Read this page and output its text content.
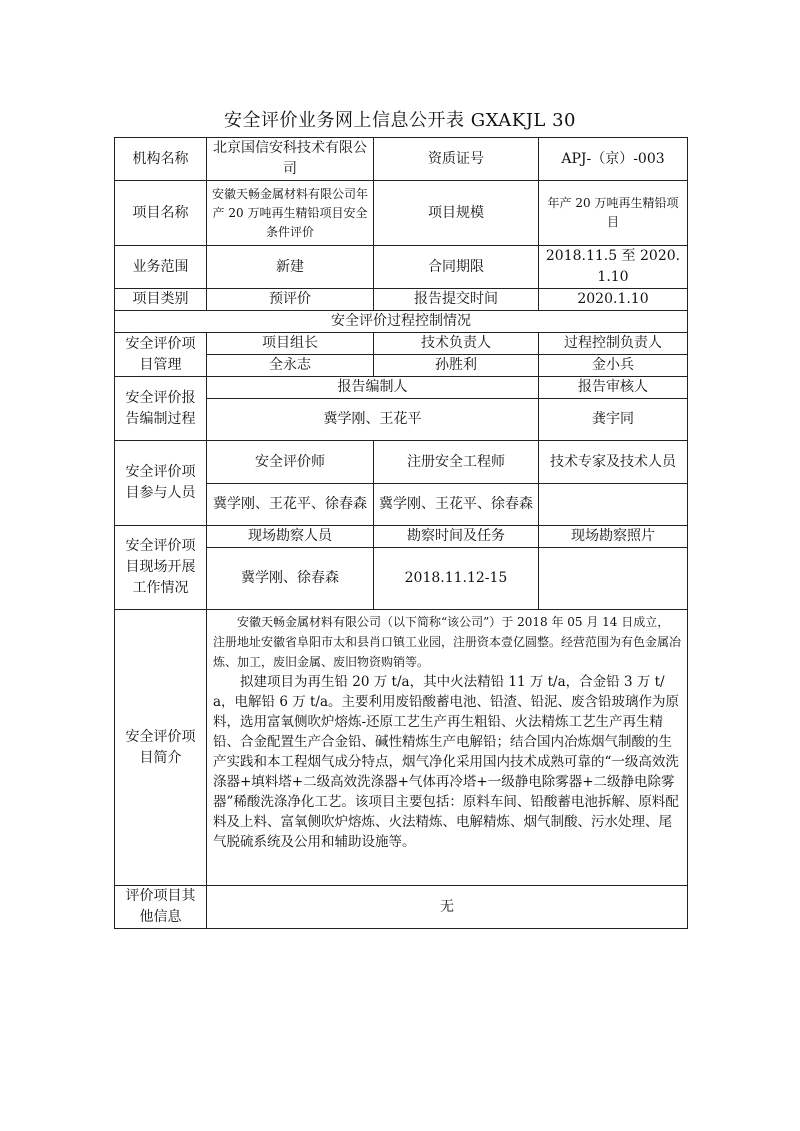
安全评价业务网上信息公开表 GXAKJL 30
机构名称	北京国信安科技术有限公司	资质证号	APJ-（京）-003
项目名称	安徽天畅金属材料有限公司年产 20 万吨再生精铅项目安全条件评价	项目规模	年产 20 万吨再生精铅项目
业务范围	新建	合同期限	2018.11.5 至 2020.1.10
项目类别	预评价	报告提交时间	2020.1.10
安全评价过程控制情况			
安全评价项目管理	项目组长	技术负责人	过程控制负责人
	全永志	孙胜利	金小兵
安全评价报告编制过程	报告编制人		报告审核人
	冀学刚、王花平		龚宇同
安全评价项目参与人员	安全评价师	注册安全工程师	技术专家及技术人员
	冀学刚、王花平、徐春森	冀学刚、王花平、徐春森	
安全评价项目现场开展工作情况	现场勘察人员	勘察时间及任务	现场勘察照片
	冀学刚、徐春森	2018.11.12-15	
安全评价项目简介	安徽天畅金属材料有限公司（以下简称“该公司”）于 2018 年 05 月 14 日成立，注册地址安徽省阜阳市太和县肖口镇工业园，注册资本壹亿圆整。经营范围为有色金属冶炼、加工，废旧金属、废旧物资购销等。

拟建项目为再生铅 20 万 t/a，其中火法精铅 11 万 t/a，合金铅 3 万 t/a，电解铅 6 万 t/a。主要利用废铅酸蓄电池、铅渣、铅泥、废含铅玻璃作为原料，选用富氧侧吹炉熔炼-还原工艺生产再生粗铅、火法精炼工艺生产再生精铅、合金配置生产合金铅、碱性精炼生产电解铅；结合国内冶炼烟气制酸的生产实践和本工程烟气成分特点，烟气净化采用国内技术成熟可靠的“一级高效洗涤器+填料塔+二级高效洗涤器+气体再冷塔+一级静电除雾器+二级静电除雾器”稀酸洗涤净化工艺。该项目主要包括：原料车间、铅酸蓄电池拆解、原料配料及上料、富氧侧吹炉熔炼、火法精炼、电解精炼、烟气制酸、污水处理、尾气脱硫系统及公用和辅助设施等。		

评价项目其他信息	无		
